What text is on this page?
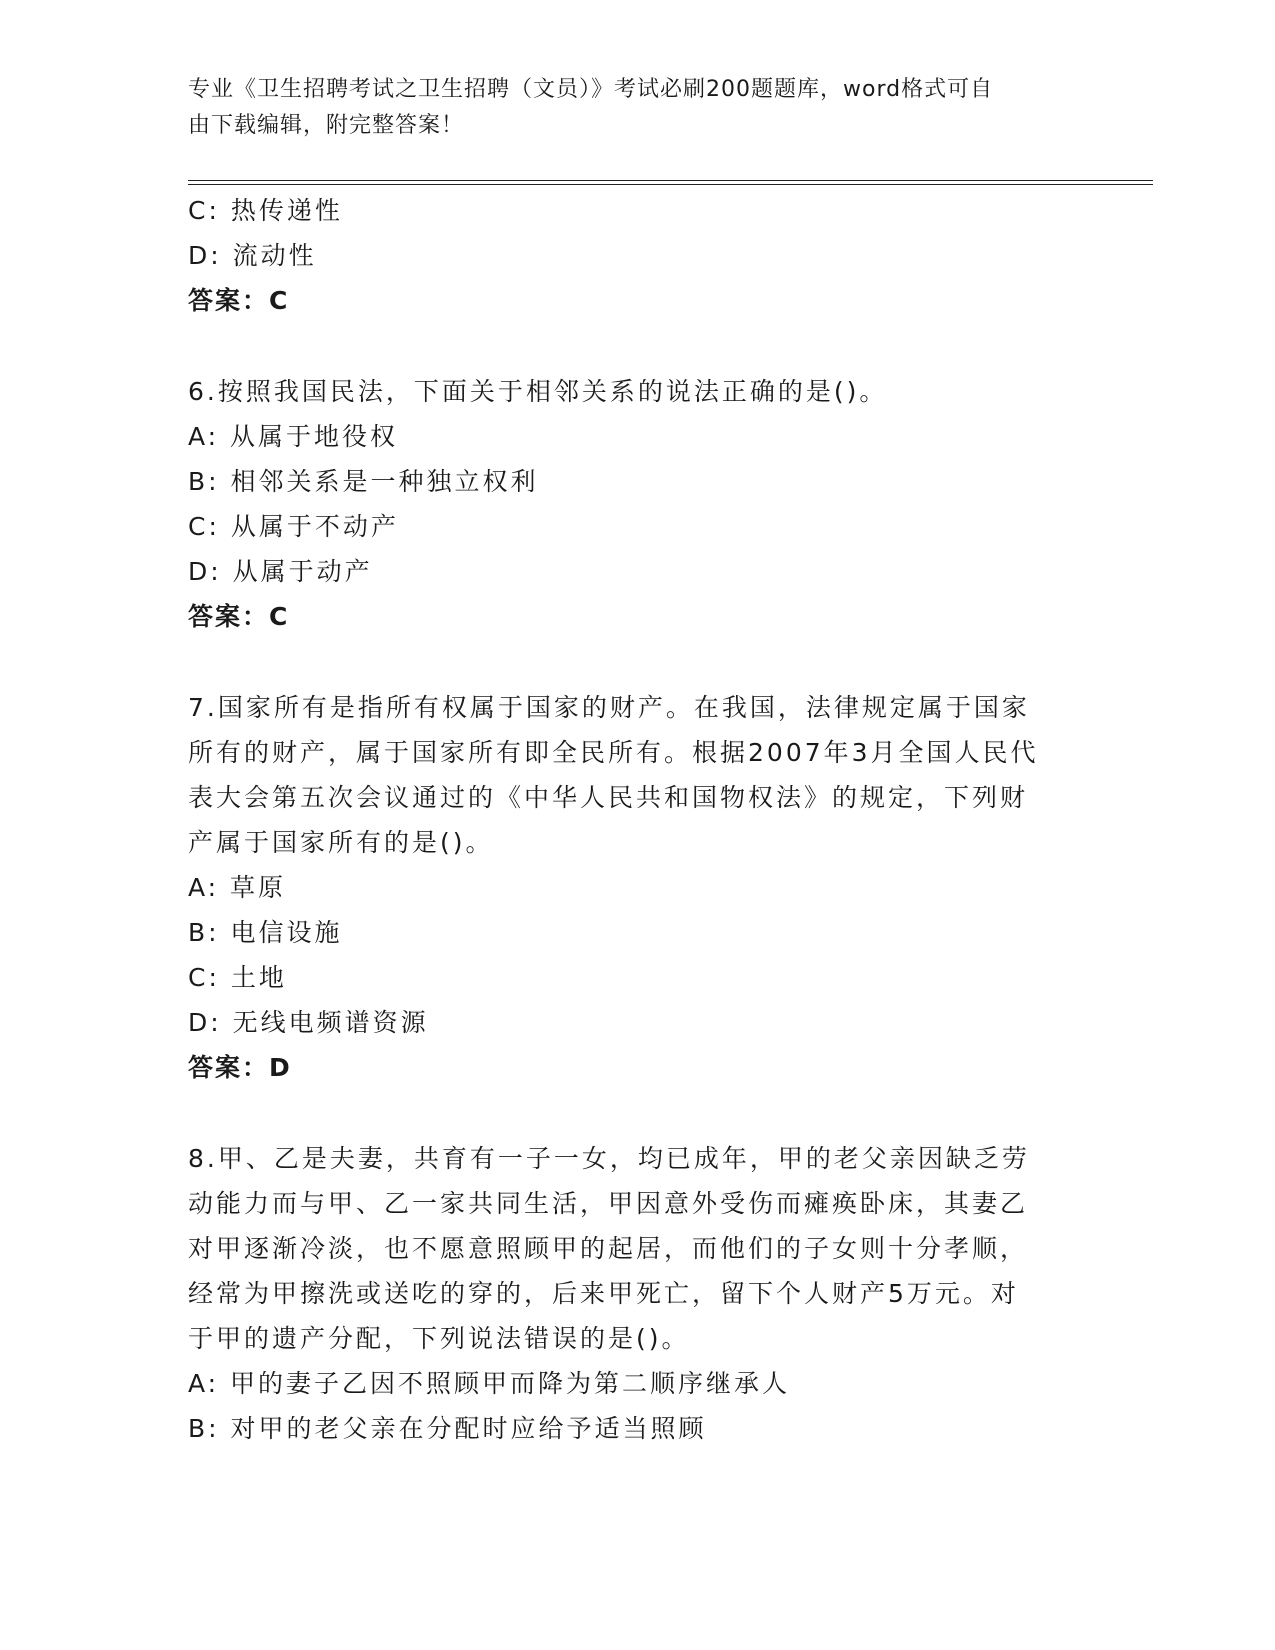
专业《卫生招聘考试之卫生招聘（文员）》考试必刷200题题库，word格式可自
由下载编辑，附完整答案！
C: 热传递性
D: 流动性
答案：C
6.按照我国民法，下面关于相邻关系的说法正确的是()。
A: 从属于地役权
B: 相邻关系是一种独立权利
C: 从属于不动产
D: 从属于动产
答案：C
7.国家所有是指所有权属于国家的财产。在我国，法律规定属于国家
所有的财产，属于国家所有即全民所有。根据2007年3月全国人民代
表大会第五次会议通过的《中华人民共和国物权法》的规定，下列财
产属于国家所有的是()。
A: 草原
B: 电信设施
C: 土地
D: 无线电频谱资源
答案：D
8.甲、乙是夫妻，共育有一子一女，均已成年，甲的老父亲因缺乏劳
动能力而与甲、乙一家共同生活，甲因意外受伤而瘫痪卧床，其妻乙
对甲逐渐冷淡，也不愿意照顾甲的起居，而他们的子女则十分孝顺，
经常为甲擦洗或送吃的穿的，后来甲死亡，留下个人财产5万元。对
于甲的遗产分配，下列说法错误的是()。
A: 甲的妻子乙因不照顾甲而降为第二顺序继承人
B: 对甲的老父亲在分配时应给予适当照顾
